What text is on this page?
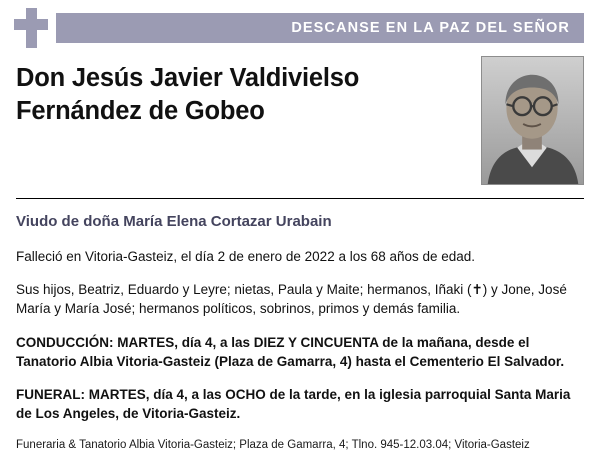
DESCANSE EN LA PAZ DEL SEÑOR
Don Jesús Javier Valdivielso Fernández de Gobeo

Viudo de doña María Elena Cortazar Urabain

Falleció en Vitoria-Gasteiz, el día 2 de enero de 2022 a los 68 años de edad.

Sus hijos, Beatriz, Eduardo y Leyre; nietas, Paula y Maite; hermanos, Iñaki (✝) y Jone, José María y María José; hermanos políticos, sobrinos, primos y demás familia.

CONDUCCIÓN: MARTES, día 4, a las DIEZ Y CINCUENTA de la mañana, desde el Tanatorio Albia Vitoria-Gasteiz (Plaza de Gamarra, 4) hasta el Cementerio El Salvador.

FUNERAL: MARTES, día 4, a las OCHO de la tarde, en la iglesia parroquial Santa Maria de Los Angeles, de Vitoria-Gasteiz.

Funeraria & Tanatorio Albia Vitoria-Gasteiz; Plaza de Gamarra, 4; Tlno. 945-12.03.04; Vitoria-Gasteiz
